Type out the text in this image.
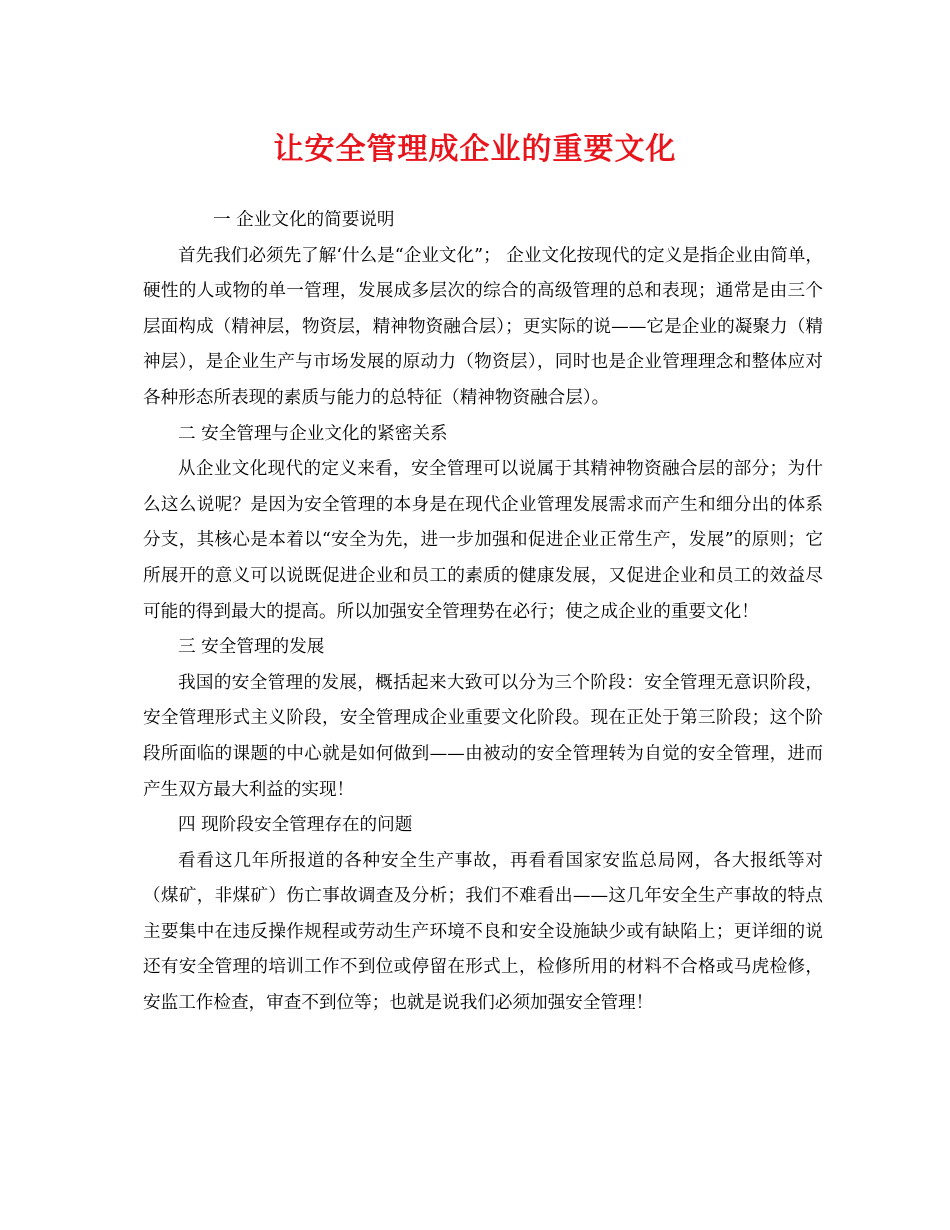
让安全管理成企业的重要文化

一 企业文化的简要说明

首先我们必须先了解‘什么是“企业文化”； 企业文化按现代的定义是指企业由简单，硬性的人或物的单一管理，发展成多层次的综合的高级管理的总和表现；通常是由三个层面构成（精神层，物资层，精神物资融合层）；更实际的说——它是企业的凝聚力（精神层），是企业生产与市场发展的原动力（物资层），同时也是企业管理理念和整体应对各种形态所表现的素质与能力的总特征（精神物资融合层）。

二 安全管理与企业文化的紧密关系

从企业文化现代的定义来看，安全管理可以说属于其精神物资融合层的部分；为什么这么说呢？是因为安全管理的本身是在现代企业管理发展需求而产生和细分出的体系分支，其核心是本着以“安全为先，进一步加强和促进企业正常生产，发展”的原则；它所展开的意义可以说既促进企业和员工的素质的健康发展，又促进企业和员工的效益尽可能的得到最大的提高。所以加强安全管理势在必行；使之成企业的重要文化！

三 安全管理的发展

我国的安全管理的发展，概括起来大致可以分为三个阶段：安全管理无意识阶段，安全管理形式主义阶段，安全管理成企业重要文化阶段。现在正处于第三阶段；这个阶段所面临的课题的中心就是如何做到——由被动的安全管理转为自觉的安全管理，进而产生双方最大利益的实现！

四 现阶段安全管理存在的问题

看看这几年所报道的各种安全生产事故，再看看国家安监总局网，各大报纸等对（煤矿，非煤矿）伤亡事故调查及分析；我们不难看出——这几年安全生产事故的特点主要集中在违反操作规程或劳动生产环境不良和安全设施缺少或有缺陷上；更详细的说还有安全管理的培训工作不到位或停留在形式上，检修所用的材料不合格或马虎检修，安监工作检查，审查不到位等；也就是说我们必须加强安全管理！
